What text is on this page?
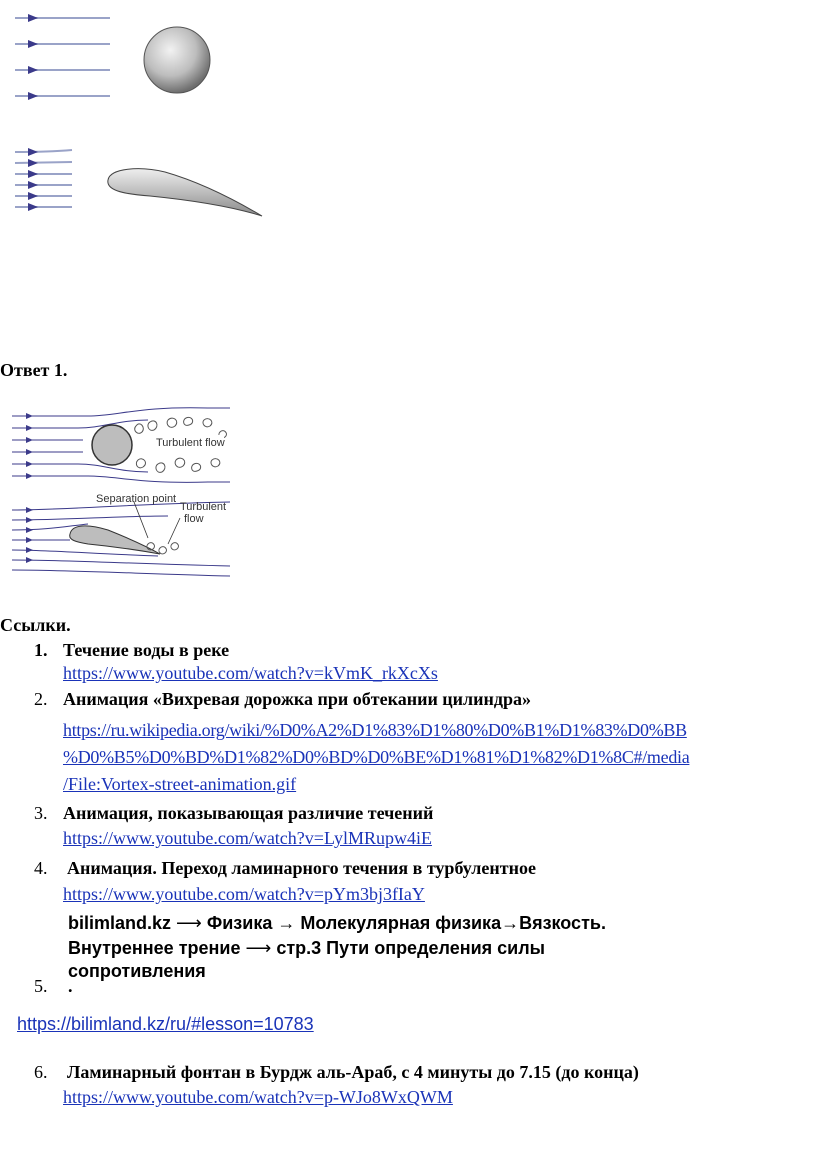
Ответ 1.
Turbulent flow
Separation point
Turbulent
flow
Ссылки.
1. Течение воды в реке
https://www.youtube.com/watch?v=kVmK_rkXcXs
2. Анимация «Вихревая дорожка при обтекании цилиндра»
https://ru.wikipedia.org/wiki/%D0%A2%D1%83%D1%80%D0%B1%D1%83%D0%BB
%D0%B5%D0%BD%D1%82%D0%BD%D0%BE%D1%81%D1%82%D1%8C#/media
/File:Vortex-street-animation.gif
3. Анимация, показывающая различие течений
https://www.youtube.com/watch?v=LylMRupw4iE
4. Анимация. Переход ламинарного течения в турбулентное
https://www.youtube.com/watch?v=pYm3bj3fIaY
bilimland.kz ⟶ Физика → Молекулярная физика→Вязкость.
Внутреннее трение ⟶ стр.3 Пути определения силы
сопротивления
5. .
https://bilimland.kz/ru/#lesson=10783
6. Ламинарный фонтан в Бурдж аль-Араб, с 4 минуты до 7.15 (до конца)
https://www.youtube.com/watch?v=p-WJo8WxQWM
